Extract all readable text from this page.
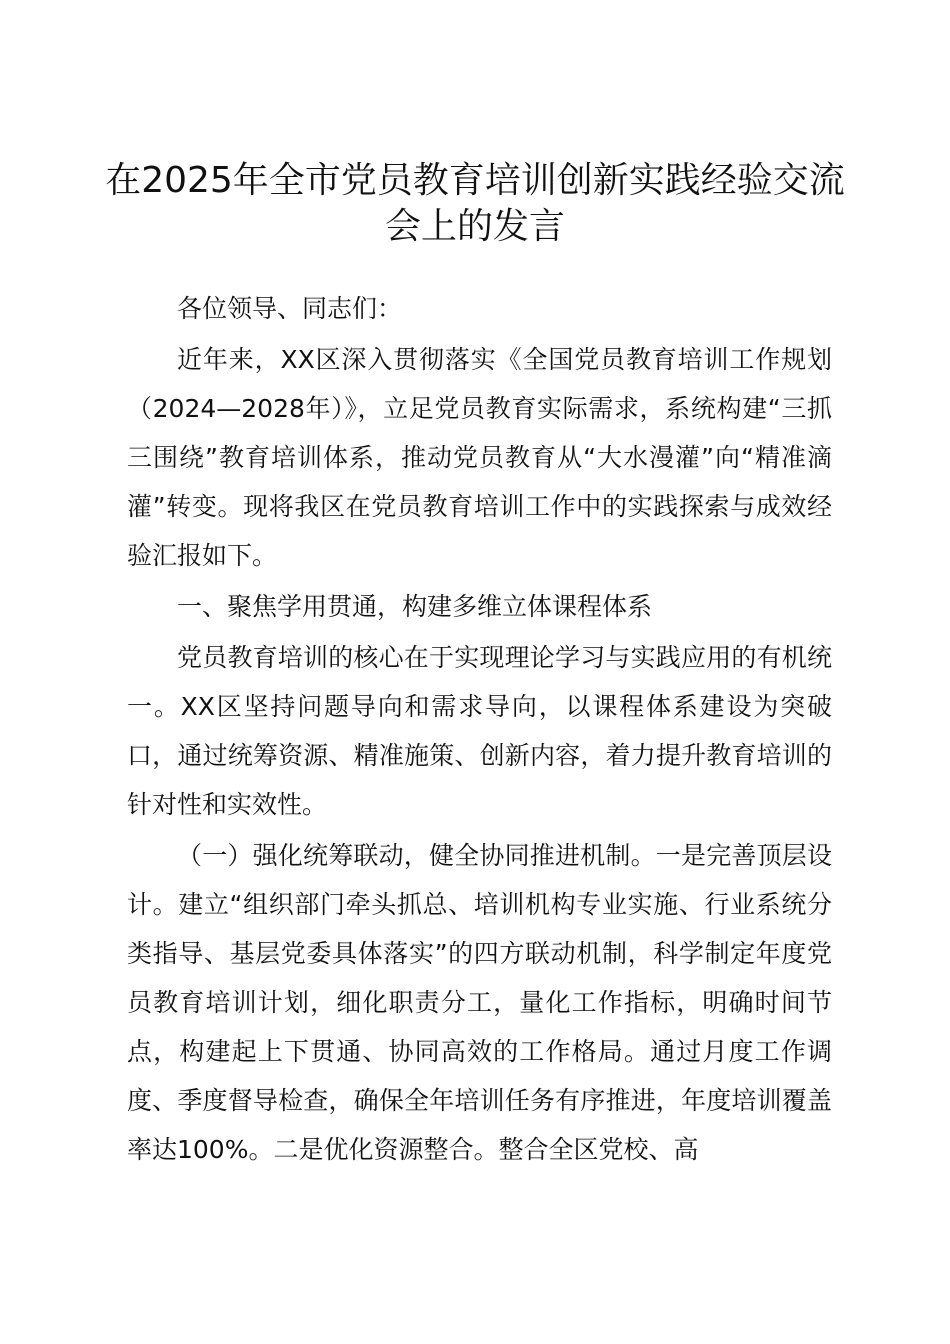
在2025年全市党员教育培训创新实践经验交流会上的发言

各位领导、同志们：

近年来，XX区深入贯彻落实《全国党员教育培训工作规划（2024—2028年）》，立足党员教育实际需求，系统构建“三抓三围绕”教育培训体系，推动党员教育从“大水漫灌”向“精准滴灌”转变。现将我区在党员教育培训工作中的实践探索与成效经验汇报如下。

一、聚焦学用贯通，构建多维立体课程体系

党员教育培训的核心在于实现理论学习与实践应用的有机统一。XX区坚持问题导向和需求导向，以课程体系建设为突破口，通过统筹资源、精准施策、创新内容，着力提升教育培训的针对性和实效性。

（一）强化统筹联动，健全协同推进机制。一是完善顶层设计。建立“组织部门牵头抓总、培训机构专业实施、行业系统分类指导、基层党委具体落实”的四方联动机制，科学制定年度党员教育培训计划，细化职责分工，量化工作指标，明确时间节点，构建起上下贯通、协同高效的工作格局。通过月度工作调度、季度督导检查，确保全年培训任务有序推进，年度培训覆盖率达100%。二是优化资源整合。整合全区党校、高
